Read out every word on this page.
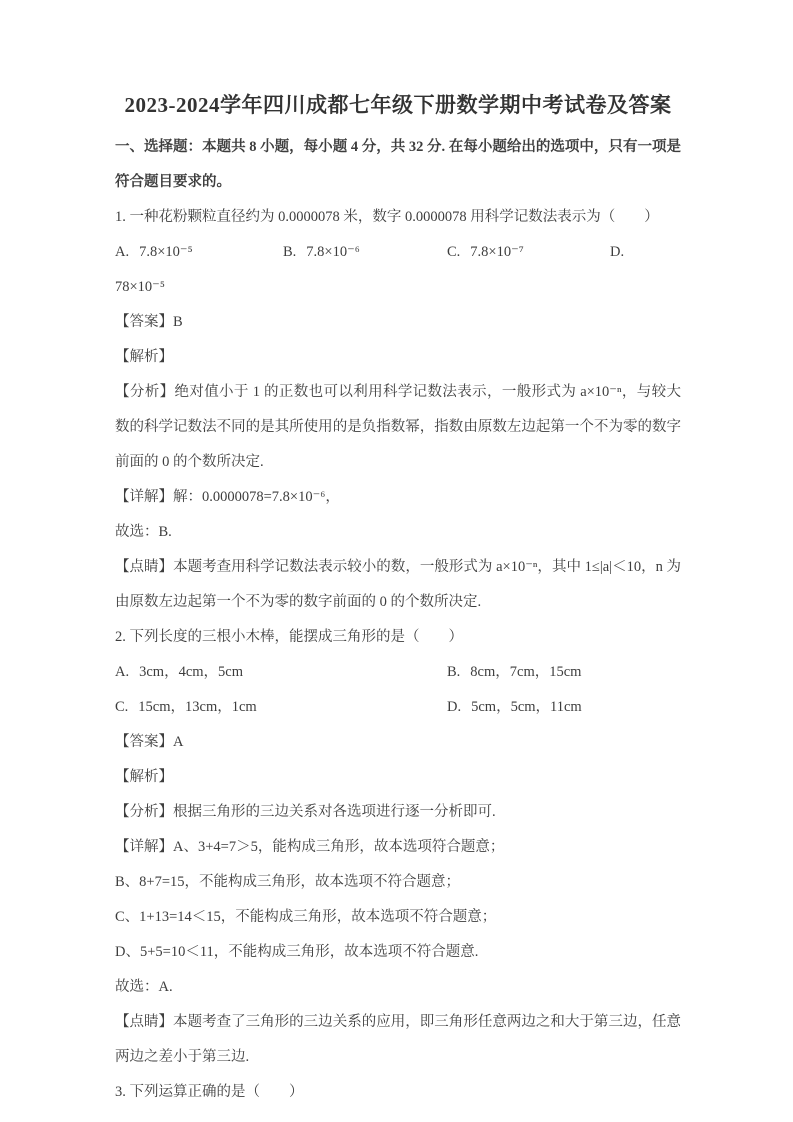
2023-2024学年四川成都七年级下册数学期中考试卷及答案

一、选择题：本题共 8 小题，每小题 4 分，共 32 分. 在每小题给出的选项中，只有一项是符合题目要求的。

1. 一种花粉颗粒直径约为 0.0000078 米，数字 0.0000078 用科学记数法表示为（　　）

A. 7.8×10⁻⁵	B. 7.8×10⁻⁶	C. 7.8×10⁻⁷	D.

78×10⁻⁵

【答案】B

【解析】

【分析】绝对值小于 1 的正数也可以利用科学记数法表示，一般形式为 a×10⁻ⁿ，与较大数的科学记数法不同的是其所使用的是负指数幂，指数由原数左边起第一个不为零的数字前面的 0 的个数所决定.

【详解】解：0.0000078=7.8×10⁻⁶，

故选：B.

【点睛】本题考查用科学记数法表示较小的数，一般形式为 a×10⁻ⁿ，其中 1≤|a|＜10，n 为由原数左边起第一个不为零的数字前面的 0 的个数所决定.

2. 下列长度的三根小木棒，能摆成三角形的是（　　）

A. 3cm，4cm，5cm	B. 8cm，7cm，15cm
C. 15cm，13cm，1cm	D. 5cm，5cm，11cm

【答案】A

【解析】

【分析】根据三角形的三边关系对各选项进行逐一分析即可.

【详解】A、3+4=7＞5，能构成三角形，故本选项符合题意；

B、8+7=15，不能构成三角形，故本选项不符合题意；

C、1+13=14＜15，不能构成三角形，故本选项不符合题意；

D、5+5=10＜11，不能构成三角形，故本选项不符合题意.

故选：A.

【点睛】本题考查了三角形的三边关系的应用，即三角形任意两边之和大于第三边，任意两边之差小于第三边.

3. 下列运算正确的是（　　）
